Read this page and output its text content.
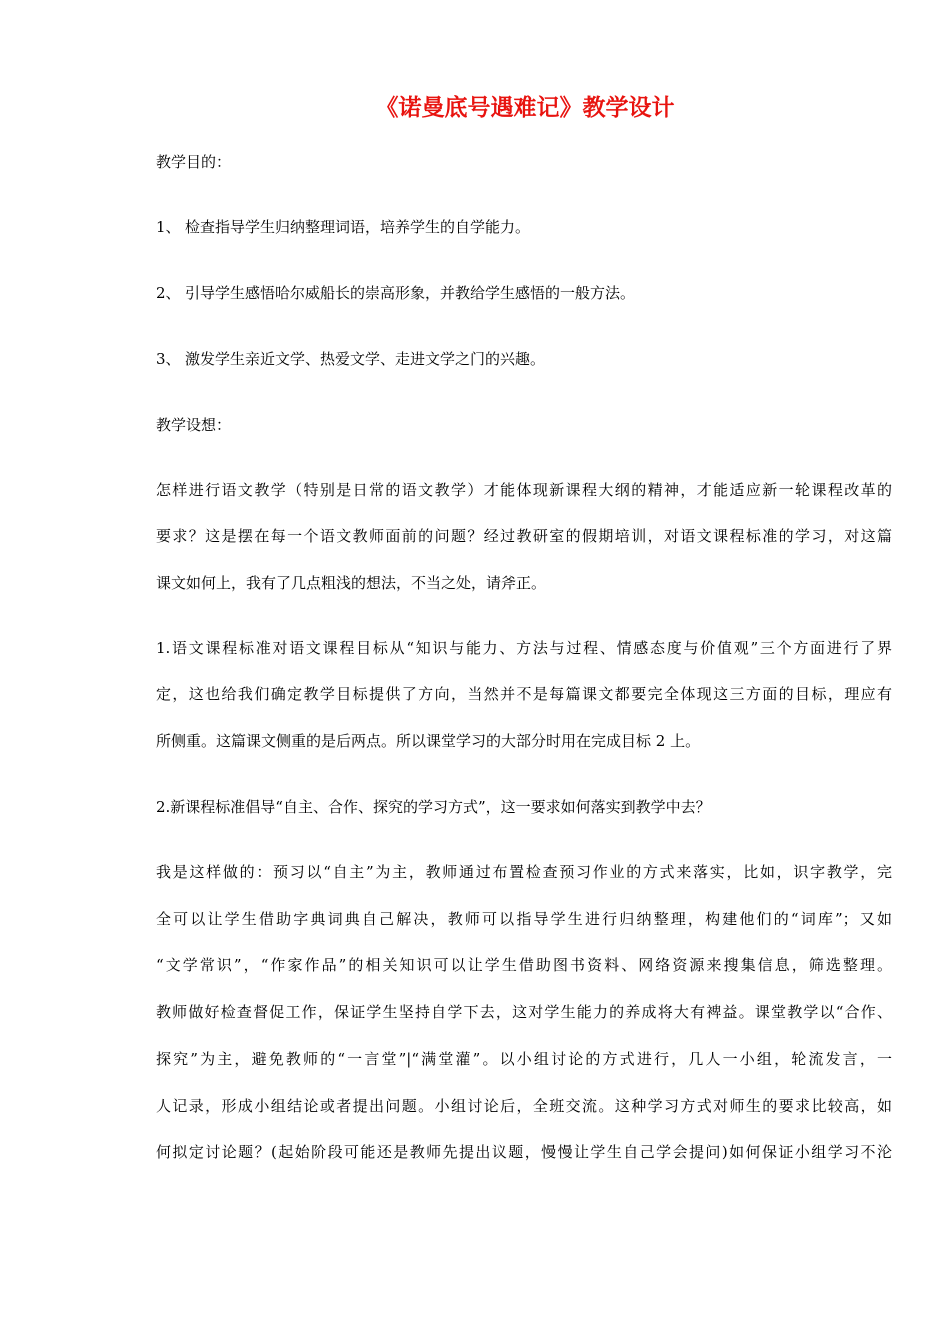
《诺曼底号遇难记》教学设计
教学目的：
1、 检查指导学生归纳整理词语，培养学生的自学能力。
2、 引导学生感悟哈尔威船长的崇高形象，并教给学生感悟的一般方法。
3、 激发学生亲近文学、热爱文学、走进文学之门的兴趣。
教学设想：
怎样进行语文教学（特别是日常的语文教学）才能体现新课程大纲的精神，才能适应新一轮课程改革的
要求？这是摆在每一个语文教师面前的问题？经过教研室的假期培训，对语文课程标准的学习，对这篇
课文如何上，我有了几点粗浅的想法，不当之处，请斧正。
1.语文课程标准对语文课程目标从“知识与能力、方法与过程、情感态度与价值观”三个方面进行了界
定，这也给我们确定教学目标提供了方向，当然并不是每篇课文都要完全体现这三方面的目标，理应有
所侧重。这篇课文侧重的是后两点。所以课堂学习的大部分时用在完成目标 2 上。
2.新课程标准倡导“自主、合作、探究的学习方式”，这一要求如何落实到教学中去？
我是这样做的：预习以“自主”为主，教师通过布置检查预习作业的方式来落实，比如，识字教学，完
全可以让学生借助字典词典自己解决，教师可以指导学生进行归纳整理，构建他们的“词库”；又如
“文学常识”，“作家作品”的相关知识可以让学生借助图书资料、网络资源来搜集信息，筛选整理。
教师做好检查督促工作，保证学生坚持自学下去，这对学生能力的养成将大有裨益。课堂教学以“合作、
探究”为主，避免教师的“一言堂”|“满堂灌”。以小组讨论的方式进行，几人一小组，轮流发言，一
人记录，形成小组结论或者提出问题。小组讨论后，全班交流。这种学习方式对师生的要求比较高，如
何拟定讨论题？(起始阶段可能还是教师先提出议题，慢慢让学生自己学会提问)如何保证小组学习不沦
